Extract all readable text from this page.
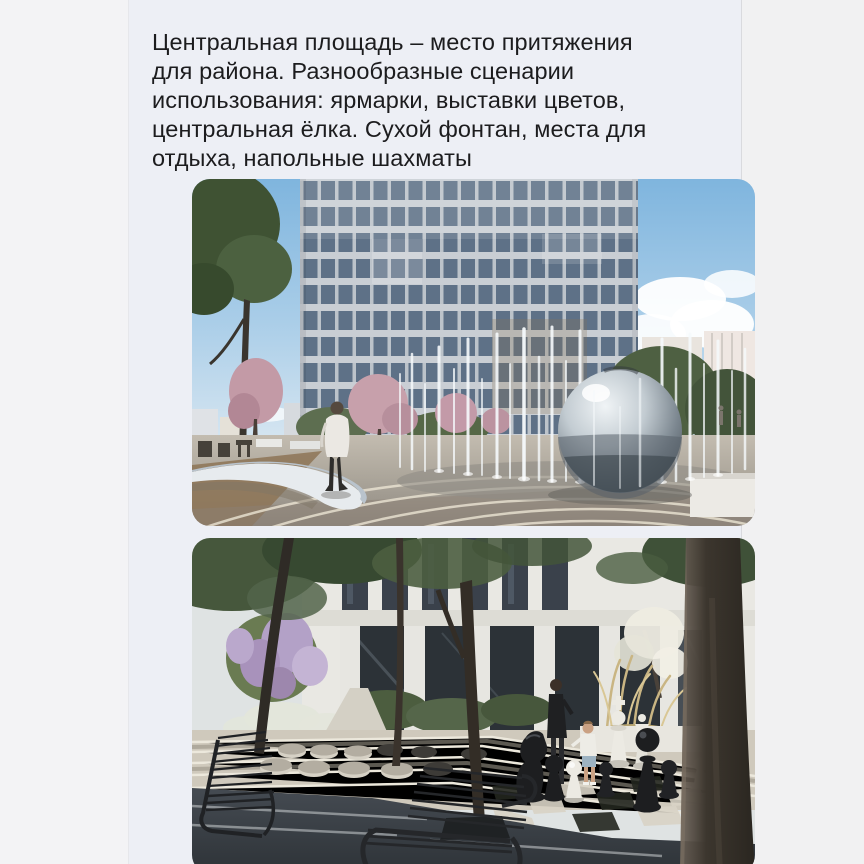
Центральная площадь – место притяжения
для района. Разнообразные сценарии
использования: ярмарки, выставки цветов,
центральная ёлка. Сухой фонтан, места для
отдыха, напольные шахматы
